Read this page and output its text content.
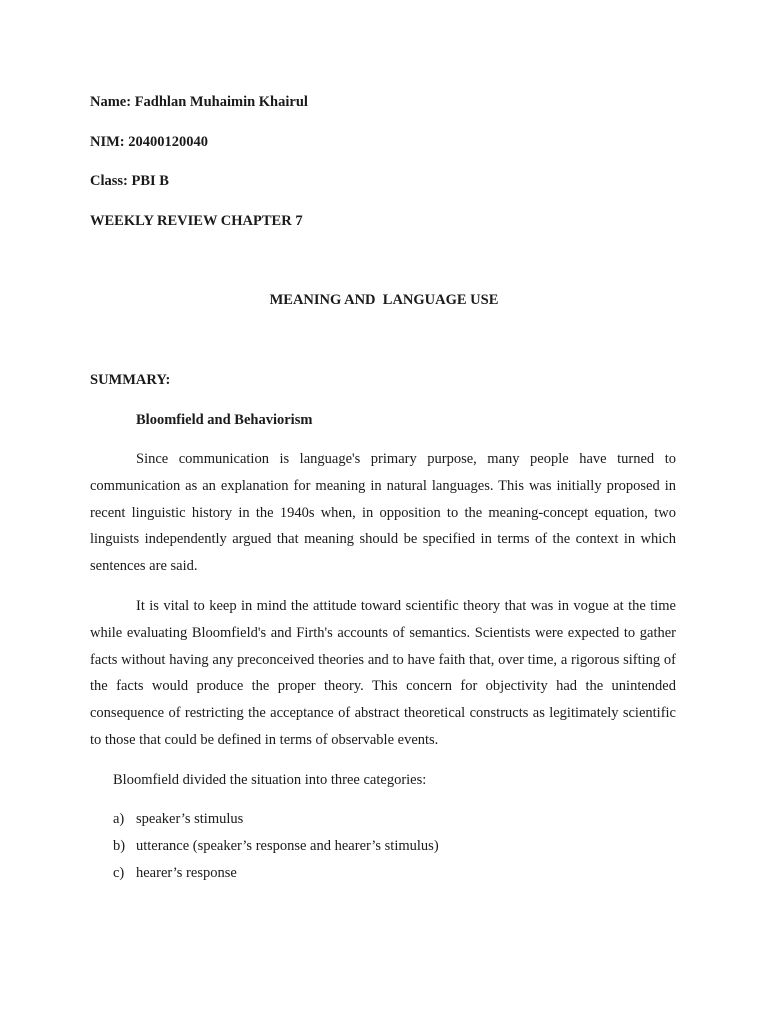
Name: Fadhlan Muhaimin Khairul
NIM: 20400120040
Class: PBI B
WEEKLY REVIEW CHAPTER 7
MEANING AND  LANGUAGE USE
SUMMARY:
Bloomfield and Behaviorism

Since communication is language's primary purpose, many people have turned to communication as an explanation for meaning in natural languages. This was initially proposed in recent linguistic history in the 1940s when, in opposition to the meaning-concept equation, two linguists independently argued that meaning should be specified in terms of the context in which sentences are said.

It is vital to keep in mind the attitude toward scientific theory that was in vogue at the time while evaluating Bloomfield's and Firth's accounts of semantics. Scientists were expected to gather facts without having any preconceived theories and to have faith that, over time, a rigorous sifting of the facts would produce the proper theory. This concern for objectivity had the unintended consequence of restricting the acceptance of abstract theoretical constructs as legitimately scientific to those that could be defined in terms of observable events.

Bloomfield divided the situation into three categories:
a) speaker’s stimulus
b) utterance (speaker’s response and hearer’s stimulus)
c) hearer’s response
